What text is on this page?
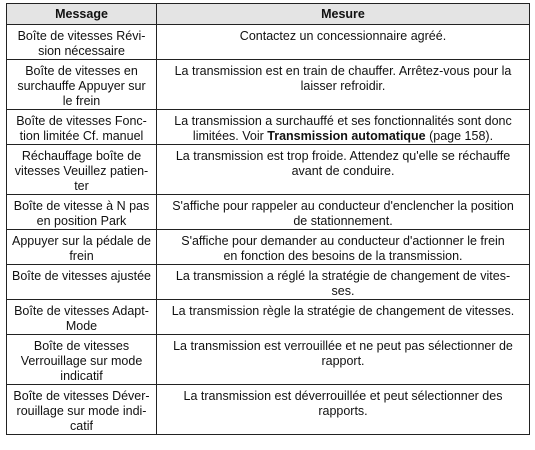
Message	Mesure

Boîte de vitesses Révi-
sion nécessaire	Contactez un concessionnaire agréé.

Boîte de vitesses en
surchauffe Appuyer sur
le frein	La transmission est en train de chauffer. Arrêtez-vous pour la
laisser refroidir.

Boîte de vitesses Fonc-
tion limitée Cf. manuel	La transmission a surchauffé et ses fonctionnalités sont donc
limitées. Voir Transmission automatique (page 158).

Réchauffage boîte de
vitesses Veuillez patien-
ter	La transmission est trop froide. Attendez qu'elle se réchauffe
avant de conduire.

Boîte de vitesse à N pas
en position Park	S'affiche pour rappeler au conducteur d'enclencher la position
de stationnement.

Appuyer sur la pédale de
frein	S'affiche pour demander au conducteur d'actionner le frein
en fonction des besoins de la transmission.

Boîte de vitesses ajustée	La transmission a réglé la stratégie de changement de vites-
ses.

Boîte de vitesses Adapt-
Mode	La transmission règle la stratégie de changement de vitesses.

Boîte de vitesses
Verrouillage sur mode
indicatif	La transmission est verrouillée et ne peut pas sélectionner de
rapport.

Boîte de vitesses Déver-
rouillage sur mode indi-
catif	La transmission est déverrouillée et peut sélectionner des
rapports.
